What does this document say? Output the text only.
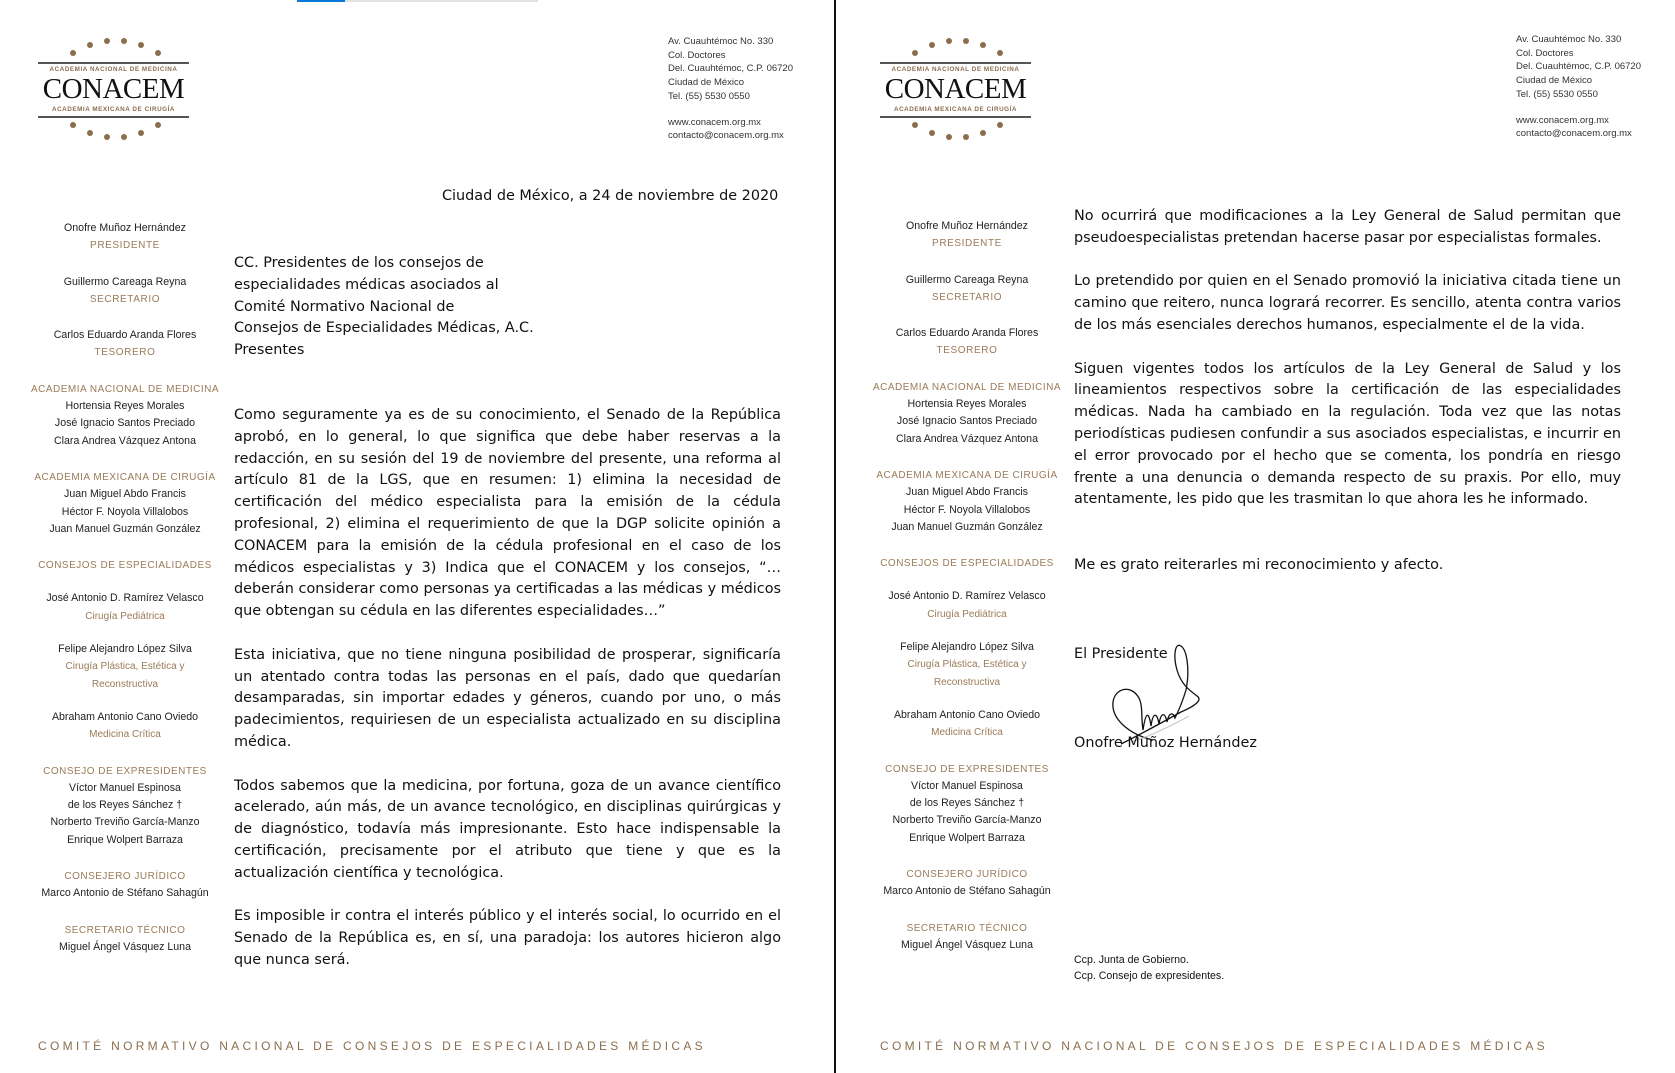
ACADEMIA NACIONAL DE MEDICINA
CONACEM
ACADEMIA MEXICANA DE CIRUGÍA
Av. Cuauhtémoc No. 330
Col. Doctores
Del. Cuauhtémoc, C.P. 06720
Ciudad de México
Tel. (55) 5530 0550
www.conacem.org.mx
contacto@conacem.org.mx
Onofre Muñoz Hernández
PRESIDENTE
Guillermo Careaga Reyna
SECRETARIO
Carlos Eduardo Aranda Flores
TESORERO
ACADEMIA NACIONAL DE MEDICINA
Hortensia Reyes Morales
José Ignacio Santos Preciado
Clara Andrea Vázquez Antona
ACADEMIA MEXICANA DE CIRUGÍA
Juan Miguel Abdo Francis
Héctor F. Noyola Villalobos
Juan Manuel Guzmán González
CONSEJOS DE ESPECIALIDADES
José Antonio D. Ramírez Velasco
Cirugía Pediátrica
Felipe Alejandro López Silva
Cirugía Plástica, Estética y
Reconstructiva
Abraham Antonio Cano Oviedo
Medicina Crítica
CONSEJO DE EXPRESIDENTES
Víctor Manuel Espinosa
de los Reyes Sánchez †
Norberto Treviño García-Manzo
Enrique Wolpert Barraza
CONSEJERO JURÍDICO
Marco Antonio de Stéfano Sahagún
SECRETARIO TÉCNICO
Miguel Ángel Vásquez Luna
Ciudad de México, a 24 de noviembre de 2020
CC. Presidentes de los consejos de
especialidades médicas asociados al
Comité Normativo Nacional de
Consejos de Especialidades Médicas, A.C.
Presentes

Como seguramente ya es de su conocimiento, el Senado de la República aprobó, en lo general, lo que significa que debe haber reservas a la redacción, en su sesión del 19 de noviembre del presente, una reforma al artículo 81 de la LGS, que en resumen: 1) elimina la necesidad de certificación del médico especialista para la emisión de la cédula profesional, 2) elimina el requerimiento de que la DGP solicite opinión a CONACEM para la emisión de la cédula profesional en el caso de los médicos especialistas y 3) Indica que el CONACEM y los consejos, “…deberán considerar como personas ya certificadas a las médicas y médicos que obtengan su cédula en las diferentes especialidades…”

Esta iniciativa, que no tiene ninguna posibilidad de prosperar, significaría un atentado contra todas las personas en el país, dado que quedarían desamparadas, sin importar edades y géneros, cuando por uno, o más padecimientos, requiriesen de un especialista actualizado en su disciplina médica.

Todos sabemos que la medicina, por fortuna, goza de un avance científico acelerado, aún más, de un avance tecnológico, en disciplinas quirúrgicas y de diagnóstico, todavía más impresionante. Esto hace indispensable la certificación, precisamente por el atributo que tiene y que es la actualización científica y tecnológica.

Es imposible ir contra el interés público y el interés social, lo ocurrido en el Senado de la República es, en sí, una paradoja: los autores hicieron algo que nunca será.

COMITÉ NORMATIVO NACIONAL DE CONSEJOS DE ESPECIALIDADES MÉDICAS
ACADEMIA NACIONAL DE MEDICINA
CONACEM
ACADEMIA MEXICANA DE CIRUGÍA
Av. Cuauhtémoc No. 330
Col. Doctores
Del. Cuauhtémoc, C.P. 06720
Ciudad de México
Tel. (55) 5530 0550
www.conacem.org.mx
contacto@conacem.org.mx
Onofre Muñoz Hernández
PRESIDENTE
Guillermo Careaga Reyna
SECRETARIO
Carlos Eduardo Aranda Flores
TESORERO
ACADEMIA NACIONAL DE MEDICINA
Hortensia Reyes Morales
José Ignacio Santos Preciado
Clara Andrea Vázquez Antona
ACADEMIA MEXICANA DE CIRUGÍA
Juan Miguel Abdo Francis
Héctor F. Noyola Villalobos
Juan Manuel Guzmán González
CONSEJOS DE ESPECIALIDADES
José Antonio D. Ramírez Velasco
Cirugía Pediátrica
Felipe Alejandro López Silva
Cirugía Plástica, Estética y
Reconstructiva
Abraham Antonio Cano Oviedo
Medicina Crítica
CONSEJO DE EXPRESIDENTES
Víctor Manuel Espinosa
de los Reyes Sánchez †
Norberto Treviño García-Manzo
Enrique Wolpert Barraza
CONSEJERO JURÍDICO
Marco Antonio de Stéfano Sahagún
SECRETARIO TÉCNICO
Miguel Ángel Vásquez Luna

No ocurrirá que modificaciones a la Ley General de Salud permitan que pseudoespecialistas pretendan hacerse pasar por especialistas formales.

Lo pretendido por quien en el Senado promovió la iniciativa citada tiene un camino que reitero, nunca logrará recorrer. Es sencillo, atenta contra varios de los más esenciales derechos humanos, especialmente el de la vida.

Siguen vigentes todos los artículos de la Ley General de Salud y los lineamientos respectivos sobre la certificación de las especialidades médicas. Nada ha cambiado en la regulación. Toda vez que las notas periodísticas pudiesen confundir a sus asociados especialistas, e incurrir en el error provocado por el hecho que se comenta, los pondría en riesgo frente a una denuncia o demanda respecto de su praxis. Por ello, muy atentamente, les pido que les trasmitan lo que ahora les he informado.

Me es grato reiterarles mi reconocimiento y afecto.
El Presidente
Onofre Muñoz Hernández
Ccp. Junta de Gobierno.
Ccp. Consejo de expresidentes.
COMITÉ NORMATIVO NACIONAL DE CONSEJOS DE ESPECIALIDADES MÉDICAS
